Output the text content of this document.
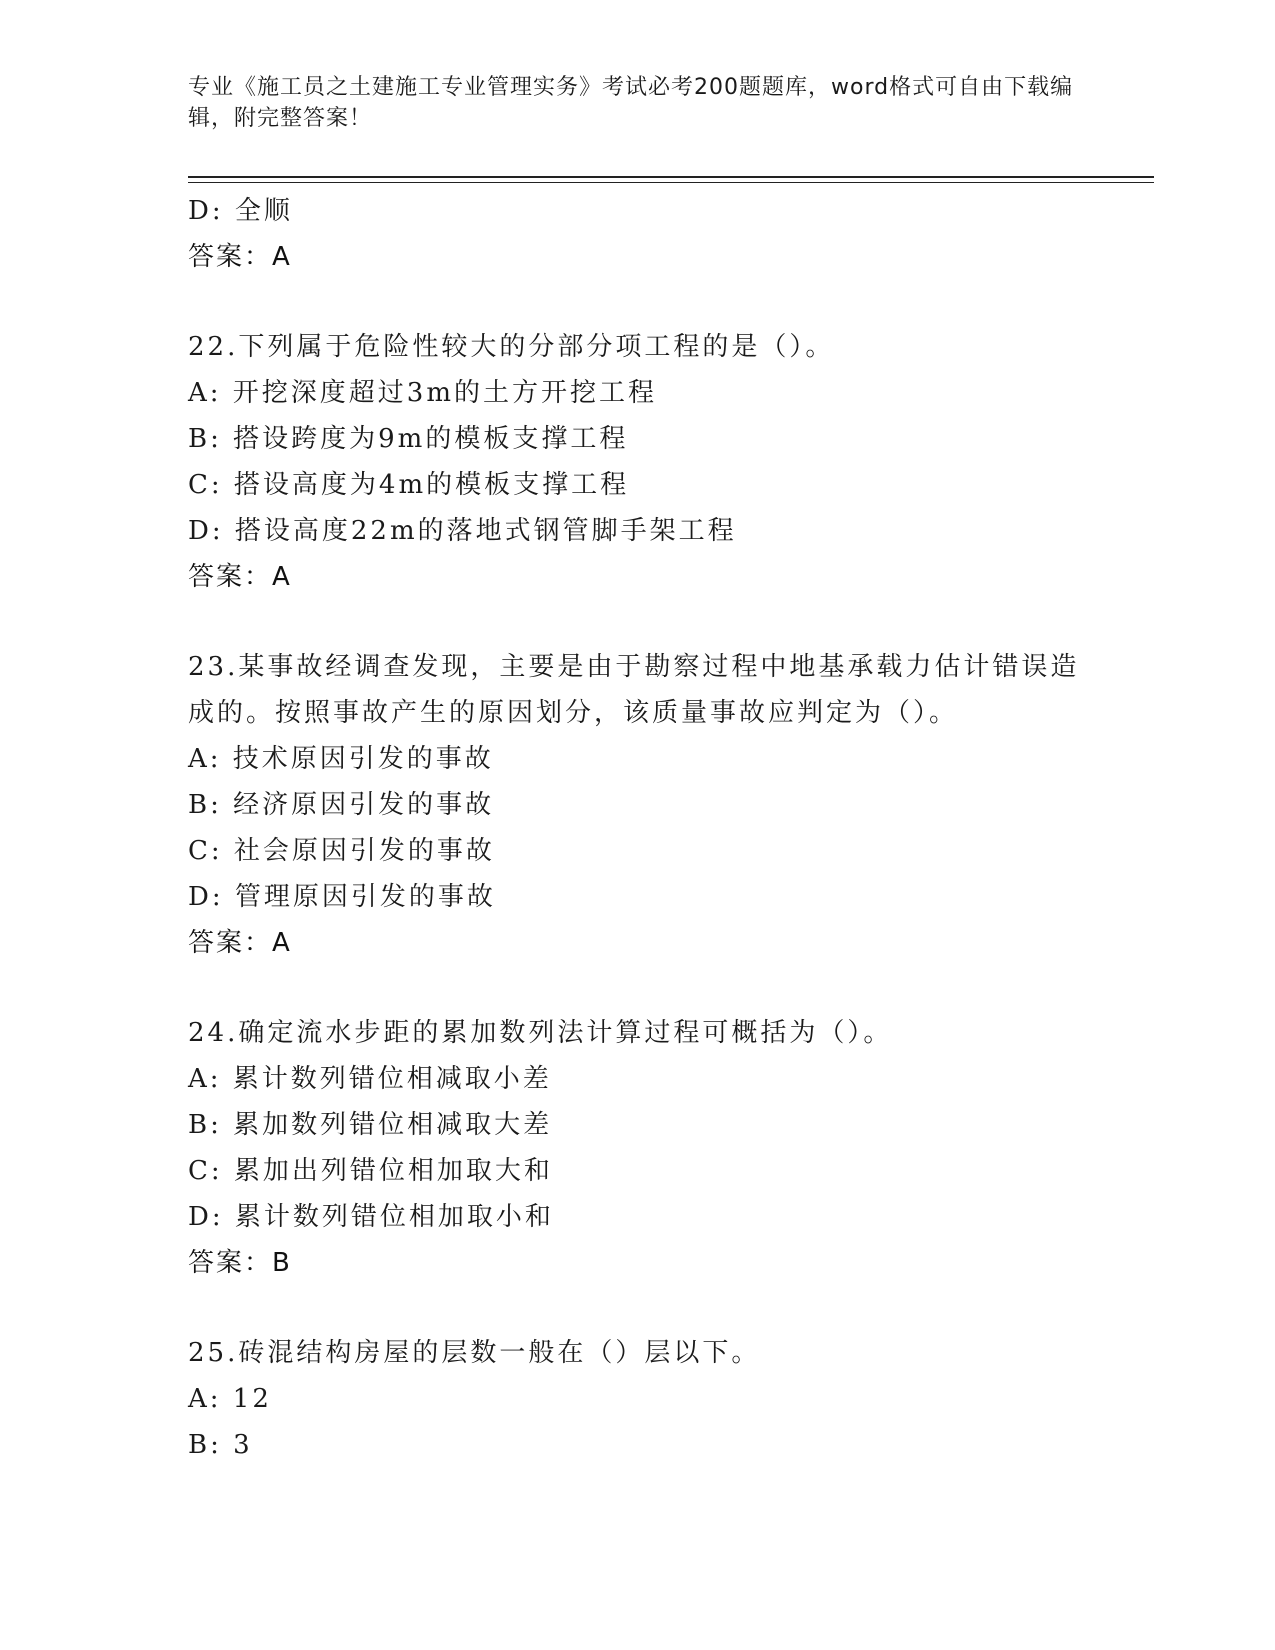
专业《施工员之土建施工专业管理实务》考试必考200题题库，word格式可自由下载编辑，附完整答案！
D: 全顺
答案：A
22.下列属于危险性较大的分部分项工程的是（）。
A: 开挖深度超过3m的土方开挖工程
B: 搭设跨度为9m的模板支撑工程
C: 搭设高度为4m的模板支撑工程
D: 搭设高度22m的落地式钢管脚手架工程
答案：A
23.某事故经调查发现，主要是由于勘察过程中地基承载力估计错误造
成的。按照事故产生的原因划分，该质量事故应判定为（）。
A: 技术原因引发的事故
B: 经济原因引发的事故
C: 社会原因引发的事故
D: 管理原因引发的事故
答案：A
24.确定流水步距的累加数列法计算过程可概括为（）。
A: 累计数列错位相减取小差
B: 累加数列错位相减取大差
C: 累加出列错位相加取大和
D: 累计数列错位相加取小和
答案：B
25.砖混结构房屋的层数一般在（）层以下。
A: 12
B: 3
